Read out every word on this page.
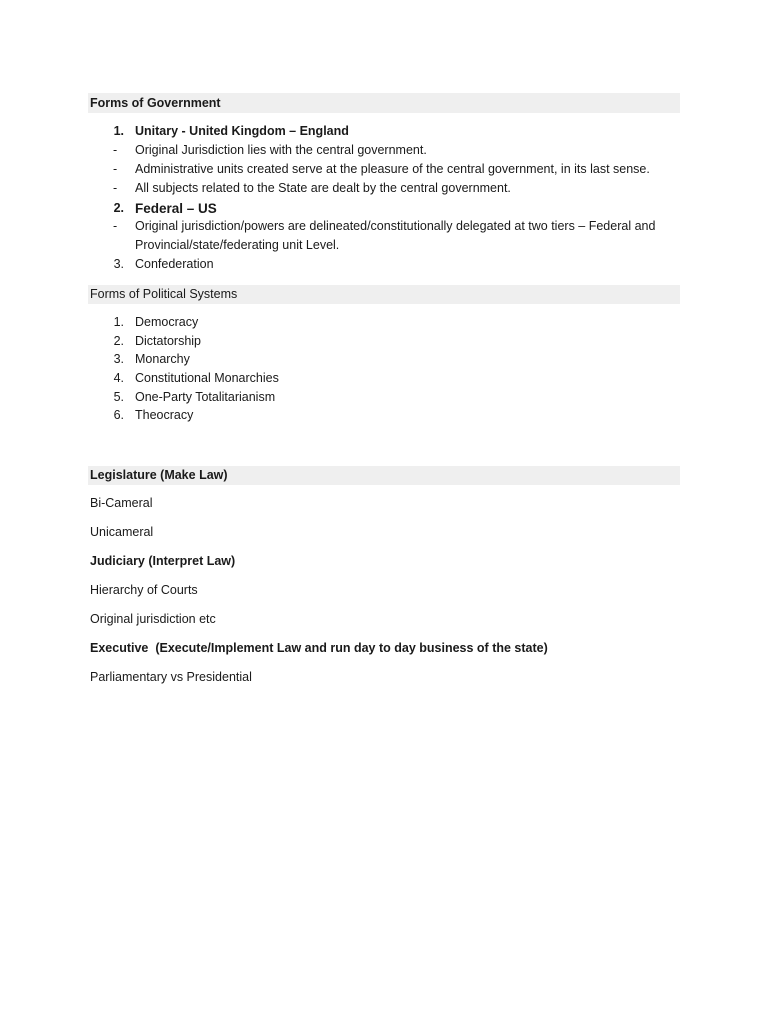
Forms of Government
1. Unitary - United Kingdom – England
-	Original Jurisdiction lies with the central government.
-	Administrative units created serve at the pleasure of the central government, in its last sense.
-	All subjects related to the State are dealt by the central government.
2. Federal – US
-	Original jurisdiction/powers are delineated/constitutionally delegated at two tiers – Federal and
Provincial/state/federating unit Level.
3. Confederation
Forms of Political Systems
1. Democracy
2. Dictatorship
3. Monarchy
4. Constitutional Monarchies
5. One-Party Totalitarianism
6. Theocracy
Legislature (Make Law)
Bi-Cameral
Unicameral
Judiciary (Interpret Law)
Hierarchy of Courts
Original jurisdiction etc
Executive  (Execute/Implement Law and run day to day business of the state)
Parliamentary vs Presidential
